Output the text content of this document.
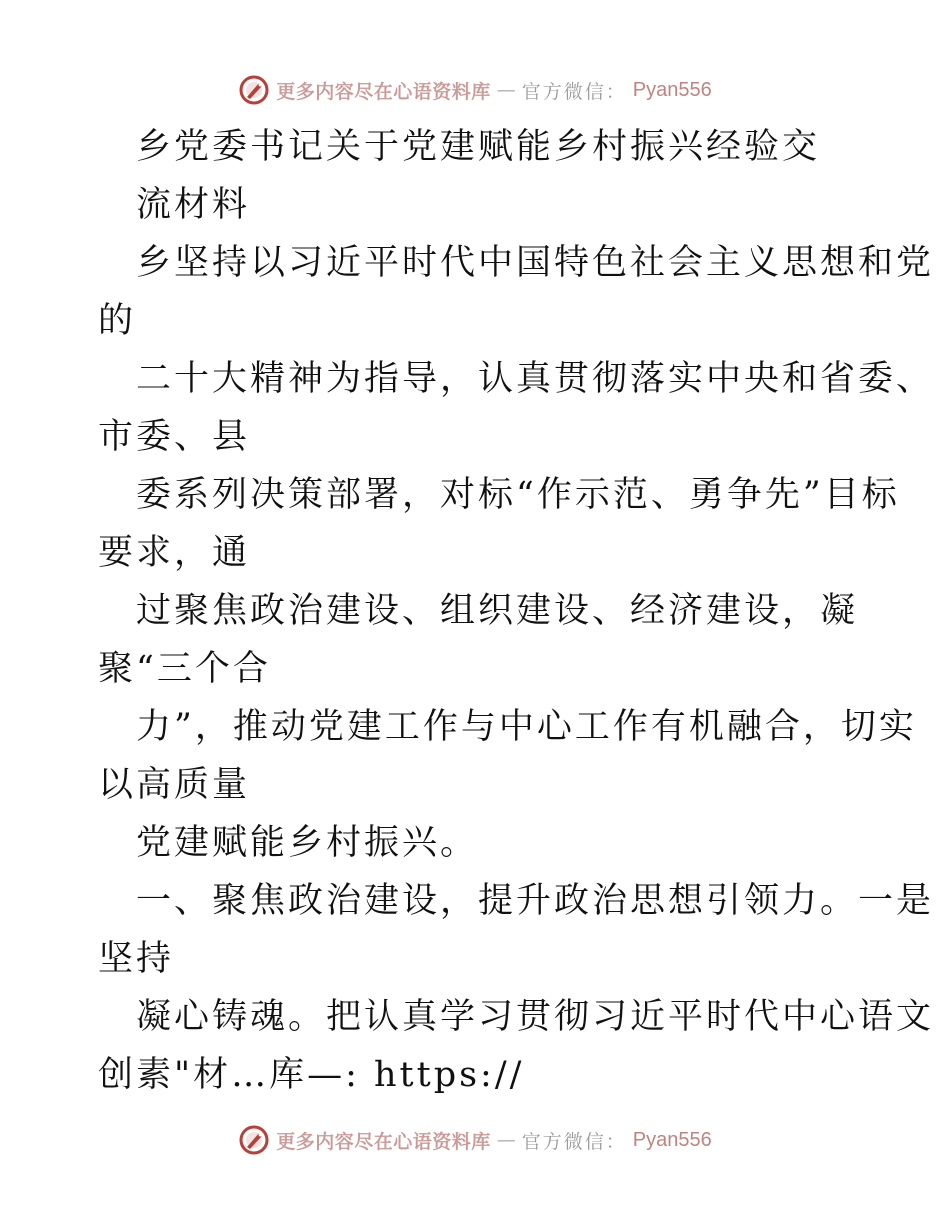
更多内容尽在心语资料库 — 官方微信： Pyan556
乡党委书记关于党建赋能乡村振兴经验交
流材料
乡坚持以习近平时代中国特色社会主义思想和党
的
二十大精神为指导，认真贯彻落实中央和省委、
市委、县
委系列决策部署，对标“作示范、勇争先”目标
要求，通
过聚焦政治建设、组织建设、经济建设，凝
聚“三个合
力”，推动党建工作与中心工作有机融合，切实
以高质量
党建赋能乡村振兴。
一、聚焦政治建设，提升政治思想引领力。一是
坚持
凝心铸魂。把认真学习贯彻习近平时代中心语文
创素"材…库—: https://
更多内容尽在心语资料库 — 官方微信： Pyan556
